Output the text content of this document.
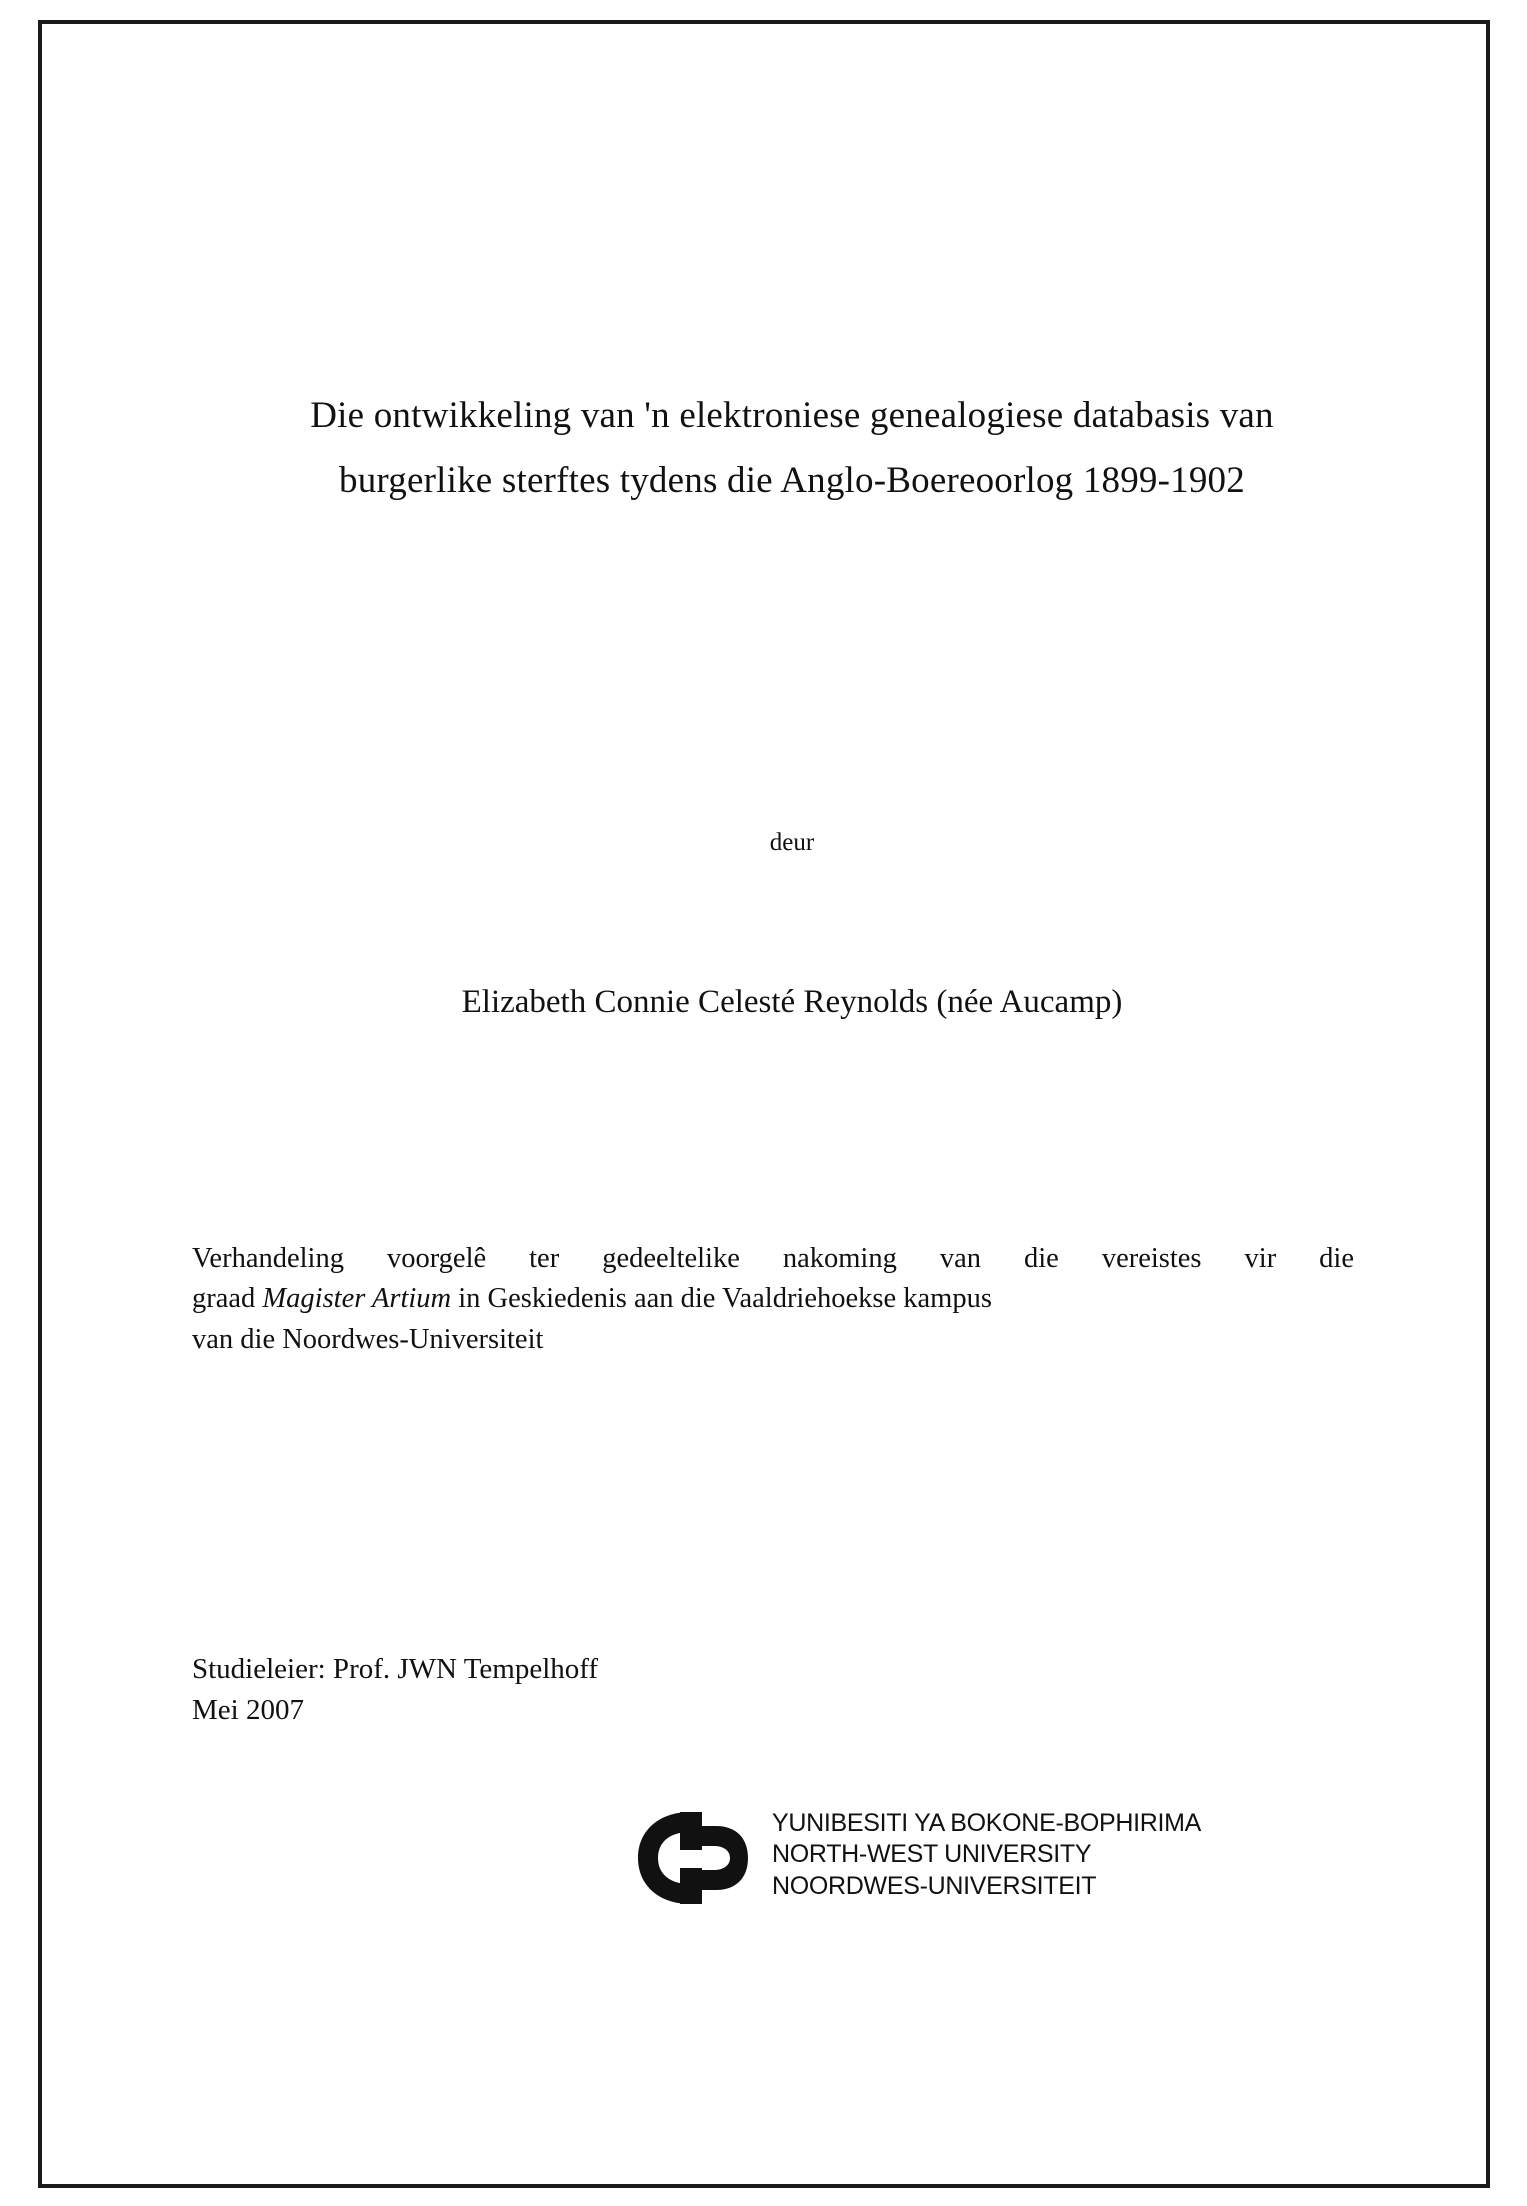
Die ontwikkeling van 'n elektroniese genealogiese databasis van
burgerlike sterftes tydens die Anglo-Boereoorlog 1899-1902
deur
Elizabeth Connie Celesté Reynolds (née Aucamp)
Verhandeling voorgelê ter gedeeltelike nakoming van die vereistes vir die
graad Magister Artium in Geskiedenis aan die Vaaldriehoekse kampus
van die Noordwes-Universiteit
Studieleier: Prof. JWN Tempelhoff
Mei 2007
YUNIBESITI YA BOKONE-BOPHIRIMA
NORTH-WEST UNIVERSITY
NOORDWES-UNIVERSITEIT
